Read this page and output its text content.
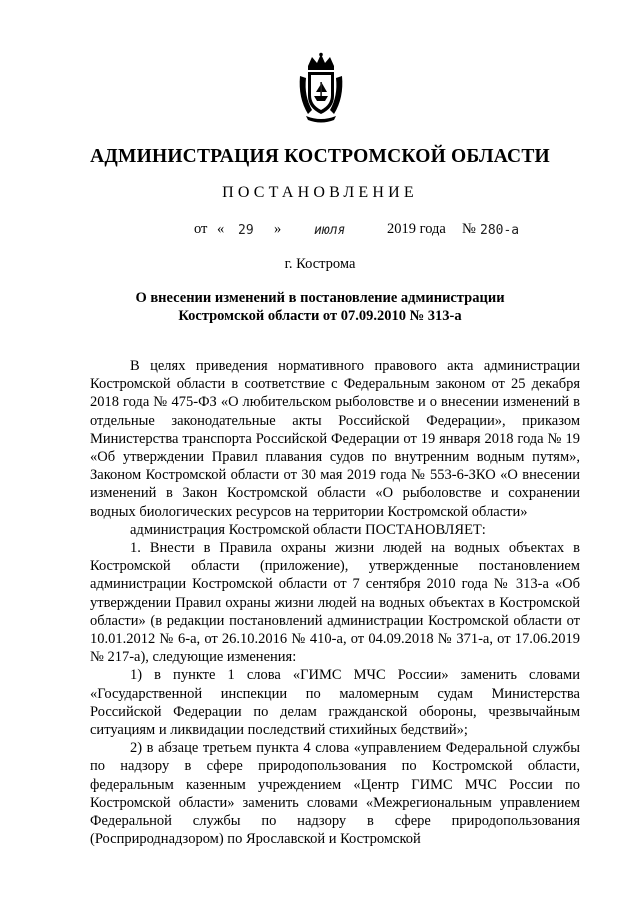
АДМИНИСТРАЦИЯ КОСТРОМСКОЙ ОБЛАСТИ
ПОСТАНОВЛЕНИЕ
от « 29 »	июля	2019 года № 280-а
г. Кострома
О внесении изменений в постановление администрации
Костромской области от 07.09.2010 № 313-а

В целях приведения нормативного правового акта администрации Костромской области в соответствие с Федеральным законом от 25 декабря 2018 года № 475-ФЗ «О любительском рыболовстве и о внесении изменений в отдельные законодательные акты Российской Федерации», приказом Министерства транспорта Российской Федерации от 19 января 2018 года № 19 «Об утверждении Правил плавания судов по внутренним водным путям», Законом Костромской области от 30 мая 2019 года № 553-6-ЗКО «О внесении изменений в Закон Костромской области «О рыболовстве и сохранении водных биологических ресурсов на территории Костромской области»

администрация Костромской области ПОСТАНОВЛЯЕТ:

1. Внести в Правила охраны жизни людей на водных объектах в Костромской области (приложение), утвержденные постановлением администрации Костромской области от 7 сентября 2010 года № 313-а «Об утверждении Правил охраны жизни людей на водных объектах в Костромской области» (в редакции постановлений администрации Костромской области от 10.01.2012 № 6-а, от 26.10.2016 № 410-а, от 04.09.2018 № 371-а, от 17.06.2019 № 217-а), следующие изменения:

1) в пункте 1 слова «ГИМС МЧС России» заменить словами «Государственной инспекции по маломерным судам Министерства Российской Федерации по делам гражданской обороны, чрезвычайным ситуациям и ликвидации последствий стихийных бедствий»;

2) в абзаце третьем пункта 4 слова «управлением Федеральной службы по надзору в сфере природопользования по Костромской области, федеральным казенным учреждением «Центр ГИМС МЧС России по Костромской области» заменить словами «Межрегиональным управлением Федеральной службы по надзору в сфере природопользования (Росприроднадзором) по Ярославской и Костромской
